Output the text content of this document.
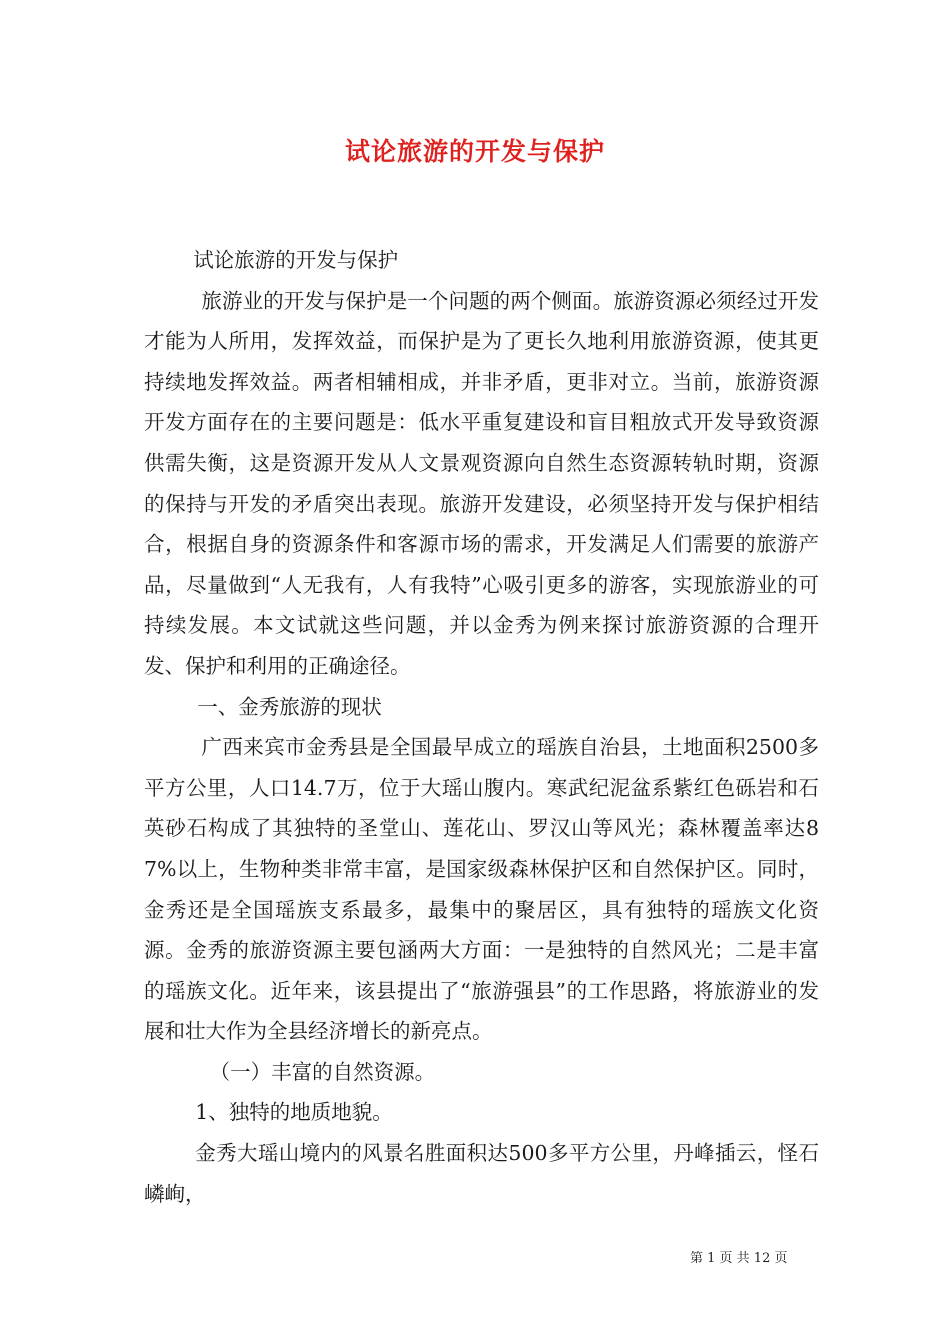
试论旅游的开发与保护

试论旅游的开发与保护

旅游业的开发与保护是一个问题的两个侧面。旅游资源必须经过开发才能为人所用，发挥效益，而保护是为了更长久地利用旅游资源，使其更持续地发挥效益。两者相辅相成，并非矛盾，更非对立。当前，旅游资源开发方面存在的主要问题是：低水平重复建设和盲目粗放式开发导致资源供需失衡，这是资源开发从人文景观资源向自然生态资源转轨时期，资源的保持与开发的矛盾突出表现。旅游开发建设，必须坚持开发与保护相结合，根据自身的资源条件和客源市场的需求，开发满足人们需要的旅游产品，尽量做到“人无我有，人有我特”心吸引更多的游客，实现旅游业的可持续发展。本文试就这些问题，并以金秀为例来探讨旅游资源的合理开发、保护和利用的正确途径。

一、金秀旅游的现状

广西来宾市金秀县是全国最早成立的瑶族自治县，土地面积2500多平方公里，人口14.7万，位于大瑶山腹内。寒武纪泥盆系紫红色砾岩和石英砂石构成了其独特的圣堂山、莲花山、罗汉山等风光；森林覆盖率达87%以上，生物种类非常丰富，是国家级森林保护区和自然保护区。同时，金秀还是全国瑶族支系最多，最集中的聚居区，具有独特的瑶族文化资源。金秀的旅游资源主要包涵两大方面：一是独特的自然风光；二是丰富的瑶族文化。近年来，该县提出了“旅游强县”的工作思路，将旅游业的发展和壮大作为全县经济增长的新亮点。

（一）丰富的自然资源。

1、独特的地质地貌。

金秀大瑶山境内的风景名胜面积达500多平方公里，丹峰插云，怪石嶙峋，

第 1 页 共 12 页
